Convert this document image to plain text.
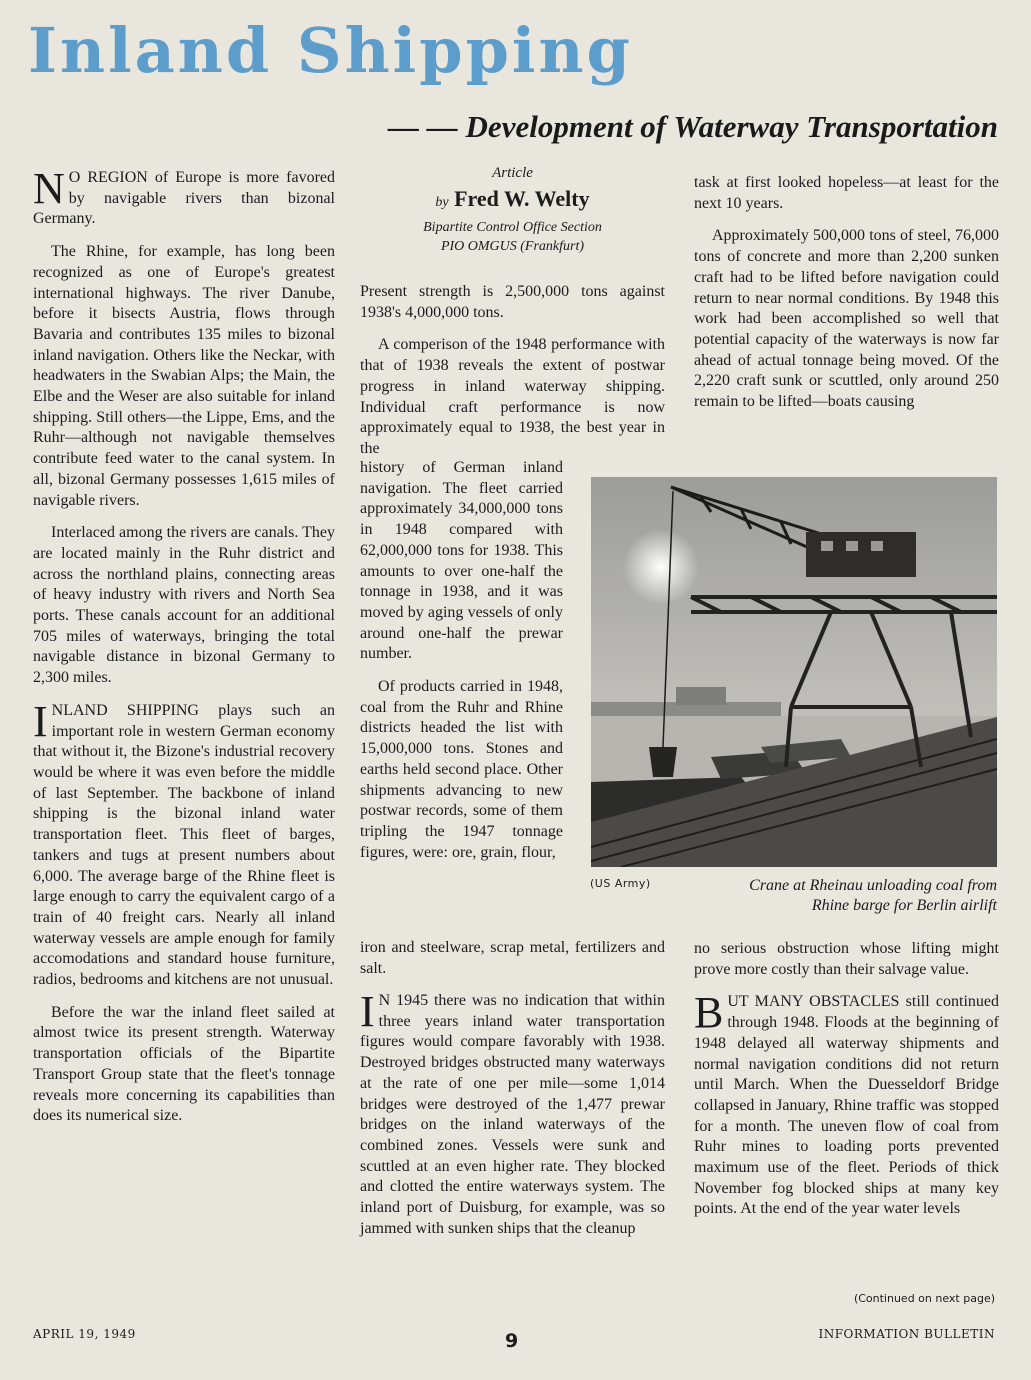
Inland Shipping
— — Development of Waterway Transportation

N O REGION of Europe is more favored by navigable rivers than bizonal Germany.

The Rhine, for example, has long been recognized as one of Europe's greatest international highways. The river Danube, before it bisects Austria, flows through Bavaria and contributes 135 miles to bizonal inland navigation. Others like the Neckar, with headwaters in the Swabian Alps; the Main, the Elbe and the Weser are also suitable for inland shipping. Still others—the Lippe, Ems, and the Ruhr—although not navigable themselves contribute feed water to the canal system. In all, bizonal Germany possesses 1,615 miles of navigable rivers.

Interlaced among the rivers are canals. They are located mainly in the Ruhr district and across the northland plains, connecting areas of heavy industry with rivers and North Sea ports. These canals account for an additional 705 miles of waterways, bringing the total navigable distance in bizonal Germany to 2,300 miles.

INLAND SHIPPING plays such an important role in western German economy that without it, the Bizone's industrial recovery would be where it was even before the middle of last September. The backbone of inland shipping is the bizonal inland water transportation fleet. This fleet of barges, tankers and tugs at present numbers about 6,000. The average barge of the Rhine fleet is large enough to carry the equivalent cargo of a train of 40 freight cars. Nearly all inland waterway vessels are ample enough for family accomodations and standard house furniture, radios, bedrooms and kitchens are not unusual.

Before the war the inland fleet sailed at almost twice its present strength. Waterway transportation officials of the Bipartite Transport Group state that the fleet's tonnage reveals more concerning its capabilities than does its numerical size.

Article
by Fred W. Welty
Bipartite Control Office Section
PIO OMGUS (Frankfurt)

Present strength is 2,500,000 tons against 1938's 4,000,000 tons.

A comperison of the 1948 performance with that of 1938 reveals the extent of postwar progress in inland waterway shipping. Individual craft performance is now approximately equal to 1938, the best year in the

history of German inland navigation. The fleet carried approximately 34,000,000 tons in 1948 compared with 62,000,000 tons for 1938. This amounts to over one-half the tonnage in 1938, and it was moved by aging vessels of only around one-half the prewar number.

Of products carried in 1948, coal from the Ruhr and Rhine districts headed the list with 15,000,000 tons. Stones and earths held second place. Other shipments advancing to new postwar records, some of them tripling the 1947 tonnage figures, were: ore, grain, flour,

iron and steelware, scrap metal, fertilizers and salt.

I N 1945 there was no indication that within three years inland water transportation figures would compare favorably with 1938. Destroyed bridges obstructed many waterways at the rate of one per mile—some 1,014 bridges were destroyed of the 1,477 prewar bridges on the inland waterways of the combined zones. Vessels were sunk and scuttled at an even higher rate. They blocked and clotted the entire waterways system. The inland port of Duisburg, for example, was so jammed with sunken ships that the cleanup

task at first looked hopeless—at least for the next 10 years.

Approximately 500,000 tons of steel, 76,000 tons of concrete and more than 2,200 sunken craft had to be lifted before navigation could return to near normal conditions. By 1948 this work had been accomplished so well that potential capacity of the waterways is now far ahead of actual tonnage being moved. Of the 2,220 craft sunk or scuttled, only around 250 remain to be lifted—boats causing

no serious obstruction whose lifting might prove more costly than their salvage value.

BUT MANY OBSTACLES still continued through 1948. Floods at the beginning of 1948 delayed all waterway shipments and normal navigation conditions did not return until March. When the Duesseldorf Bridge collapsed in January, Rhine traffic was stopped for a month. The uneven flow of coal from Ruhr mines to loading ports prevented maximum use of the fleet. Periods of thick November fog blocked ships at many key points. At the end of the year water levels

(US Army)	Crane at Rheinau unloading coal from Rhine barge for Berlin airlift
(Continued on next page)
APRIL 19, 1949	9	INFORMATION BULLETIN
